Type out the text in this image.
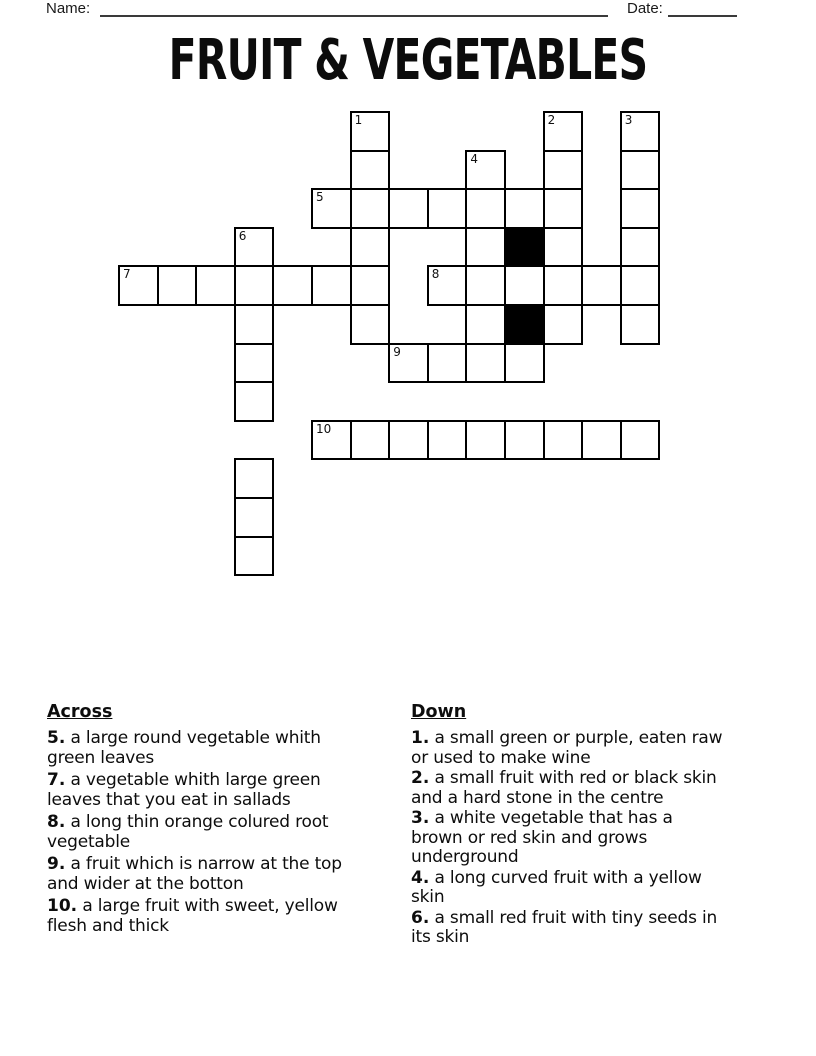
Name:	Date:
FRUIT & VEGETABLES
1	2	3
4
5
6
7	8
9
10

Across

5. a large round vegetable whith
green leaves

7. a vegetable whith large green
leaves that you eat in sallads

8. a long thin orange colured root
vegetable

9. a fruit which is narrow at the top
and wider at the botton

10. a large fruit with sweet, yellow
flesh and thick

Down

1. a small green or purple, eaten raw
or used to make wine

2. a small fruit with red or black skin
and a hard stone in the centre

3. a white vegetable that has a
brown or red skin and grows
underground

4. a long curved fruit with a yellow
skin

6. a small red fruit with tiny seeds in
its skin
